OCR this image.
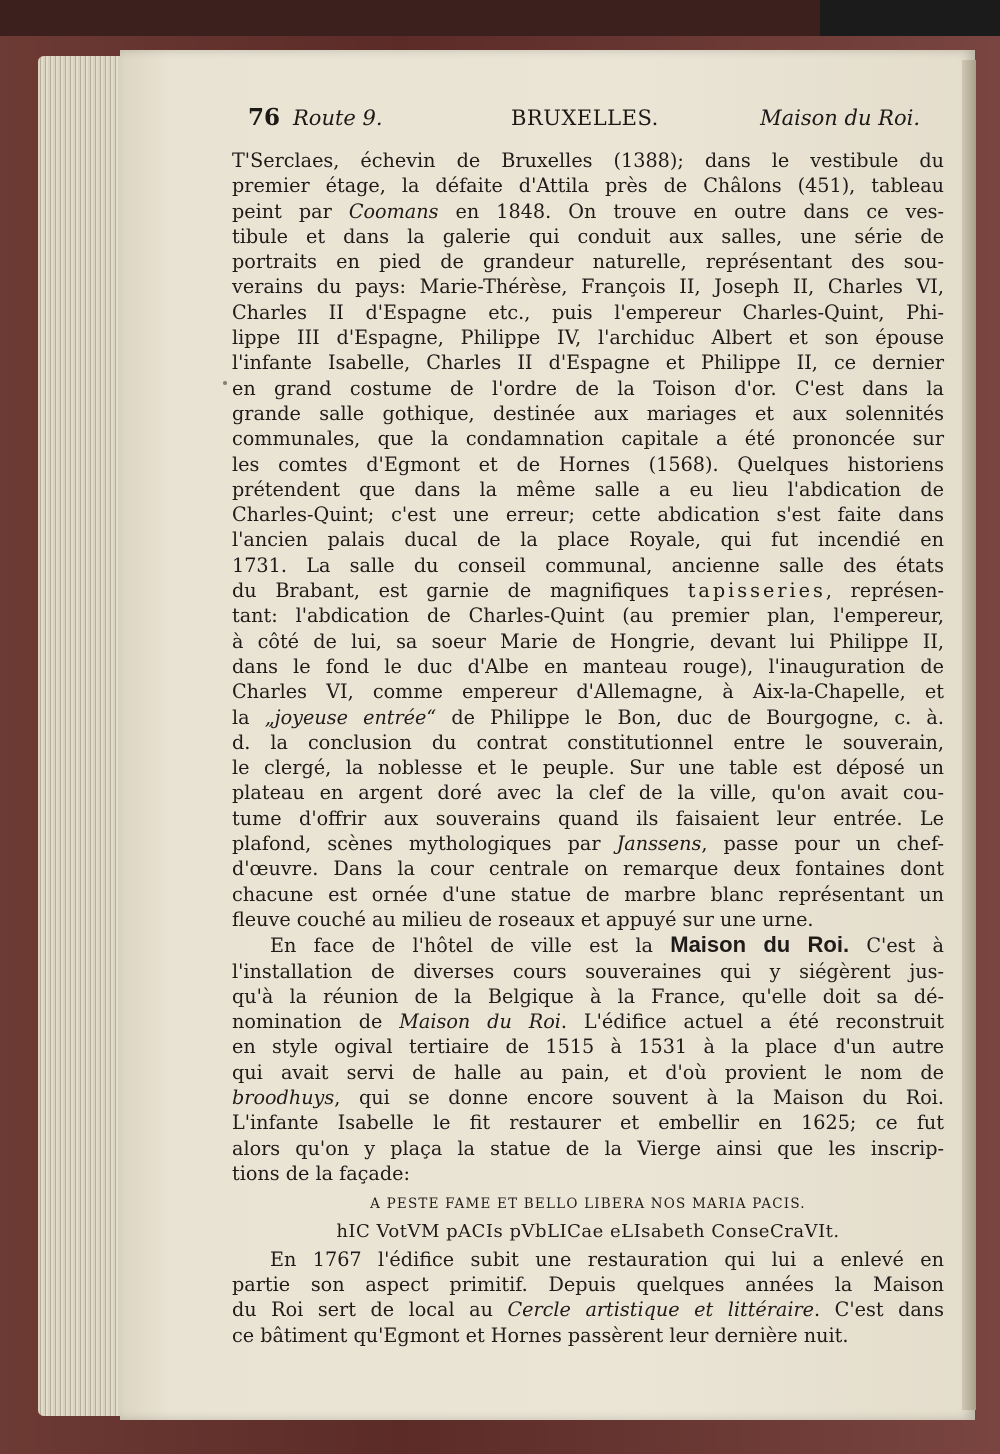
76 Route 9.	BRUXELLES.	Maison du Roi.
T'Serclaes, échevin de Bruxelles (1388); dans le vestibule du
premier étage, la défaite d'Attila près de Châlons (451), tableau
peint par Coomans en 1848. On trouve en outre dans ce ves-
tibule et dans la galerie qui conduit aux salles, une série de
portraits en pied de grandeur naturelle, représentant des sou-
verains du pays: Marie-Thérèse, François II, Joseph II, Charles VI,
Charles II d'Espagne etc., puis l'empereur Charles-Quint, Phi-
lippe III d'Espagne, Philippe IV, l'archiduc Albert et son épouse
l'infante Isabelle, Charles II d'Espagne et Philippe II, ce dernier
en grand costume de l'ordre de la Toison d'or. C'est dans la
grande salle gothique, destinée aux mariages et aux solennités
communales, que la condamnation capitale a été prononcée sur
les comtes d'Egmont et de Hornes (1568). Quelques historiens
prétendent que dans la même salle a eu lieu l'abdication de
Charles-Quint; c'est une erreur; cette abdication s'est faite dans
l'ancien palais ducal de la place Royale, qui fut incendié en
1731. La salle du conseil communal, ancienne salle des états
du Brabant, est garnie de magnifiques tapisseries, représen-
tant: l'abdication de Charles-Quint (au premier plan, l'empereur,
à côté de lui, sa soeur Marie de Hongrie, devant lui Philippe II,
dans le fond le duc d'Albe en manteau rouge), l'inauguration de
Charles VI, comme empereur d'Allemagne, à Aix-la-Chapelle, et
la „joyeuse entrée“ de Philippe le Bon, duc de Bourgogne, c. à.
d. la conclusion du contrat constitutionnel entre le souverain,
le clergé, la noblesse et le peuple. Sur une table est déposé un
plateau en argent doré avec la clef de la ville, qu'on avait cou-
tume d'offrir aux souverains quand ils faisaient leur entrée. Le
plafond, scènes mythologiques par Janssens, passe pour un chef-
d'œuvre. Dans la cour centrale on remarque deux fontaines dont
chacune est ornée d'une statue de marbre blanc représentant un
fleuve couché au milieu de roseaux et appuyé sur une urne.
En face de l'hôtel de ville est la Maison du Roi. C'est à
l'installation de diverses cours souveraines qui y siégèrent jus-
qu'à la réunion de la Belgique à la France, qu'elle doit sa dé-
nomination de Maison du Roi. L'édifice actuel a été reconstruit
en style ogival tertiaire de 1515 à 1531 à la place d'un autre
qui avait servi de halle au pain, et d'où provient le nom de
broodhuys, qui se donne encore souvent à la Maison du Roi.
L'infante Isabelle le fit restaurer et embellir en 1625; ce fut
alors qu'on y plaça la statue de la Vierge ainsi que les inscrip-
tions de la façade:
A PESTE FAME ET BELLO LIBERA NOS MARIA PACIS.
hIC VotVM pACIs pVbLICae eLIsabeth ConseCraVIt.
En 1767 l'édifice subit une restauration qui lui a enlevé en
partie son aspect primitif. Depuis quelques années la Maison
du Roi sert de local au Cercle artistique et littéraire. C'est dans
ce bâtiment qu'Egmont et Hornes passèrent leur dernière nuit.
